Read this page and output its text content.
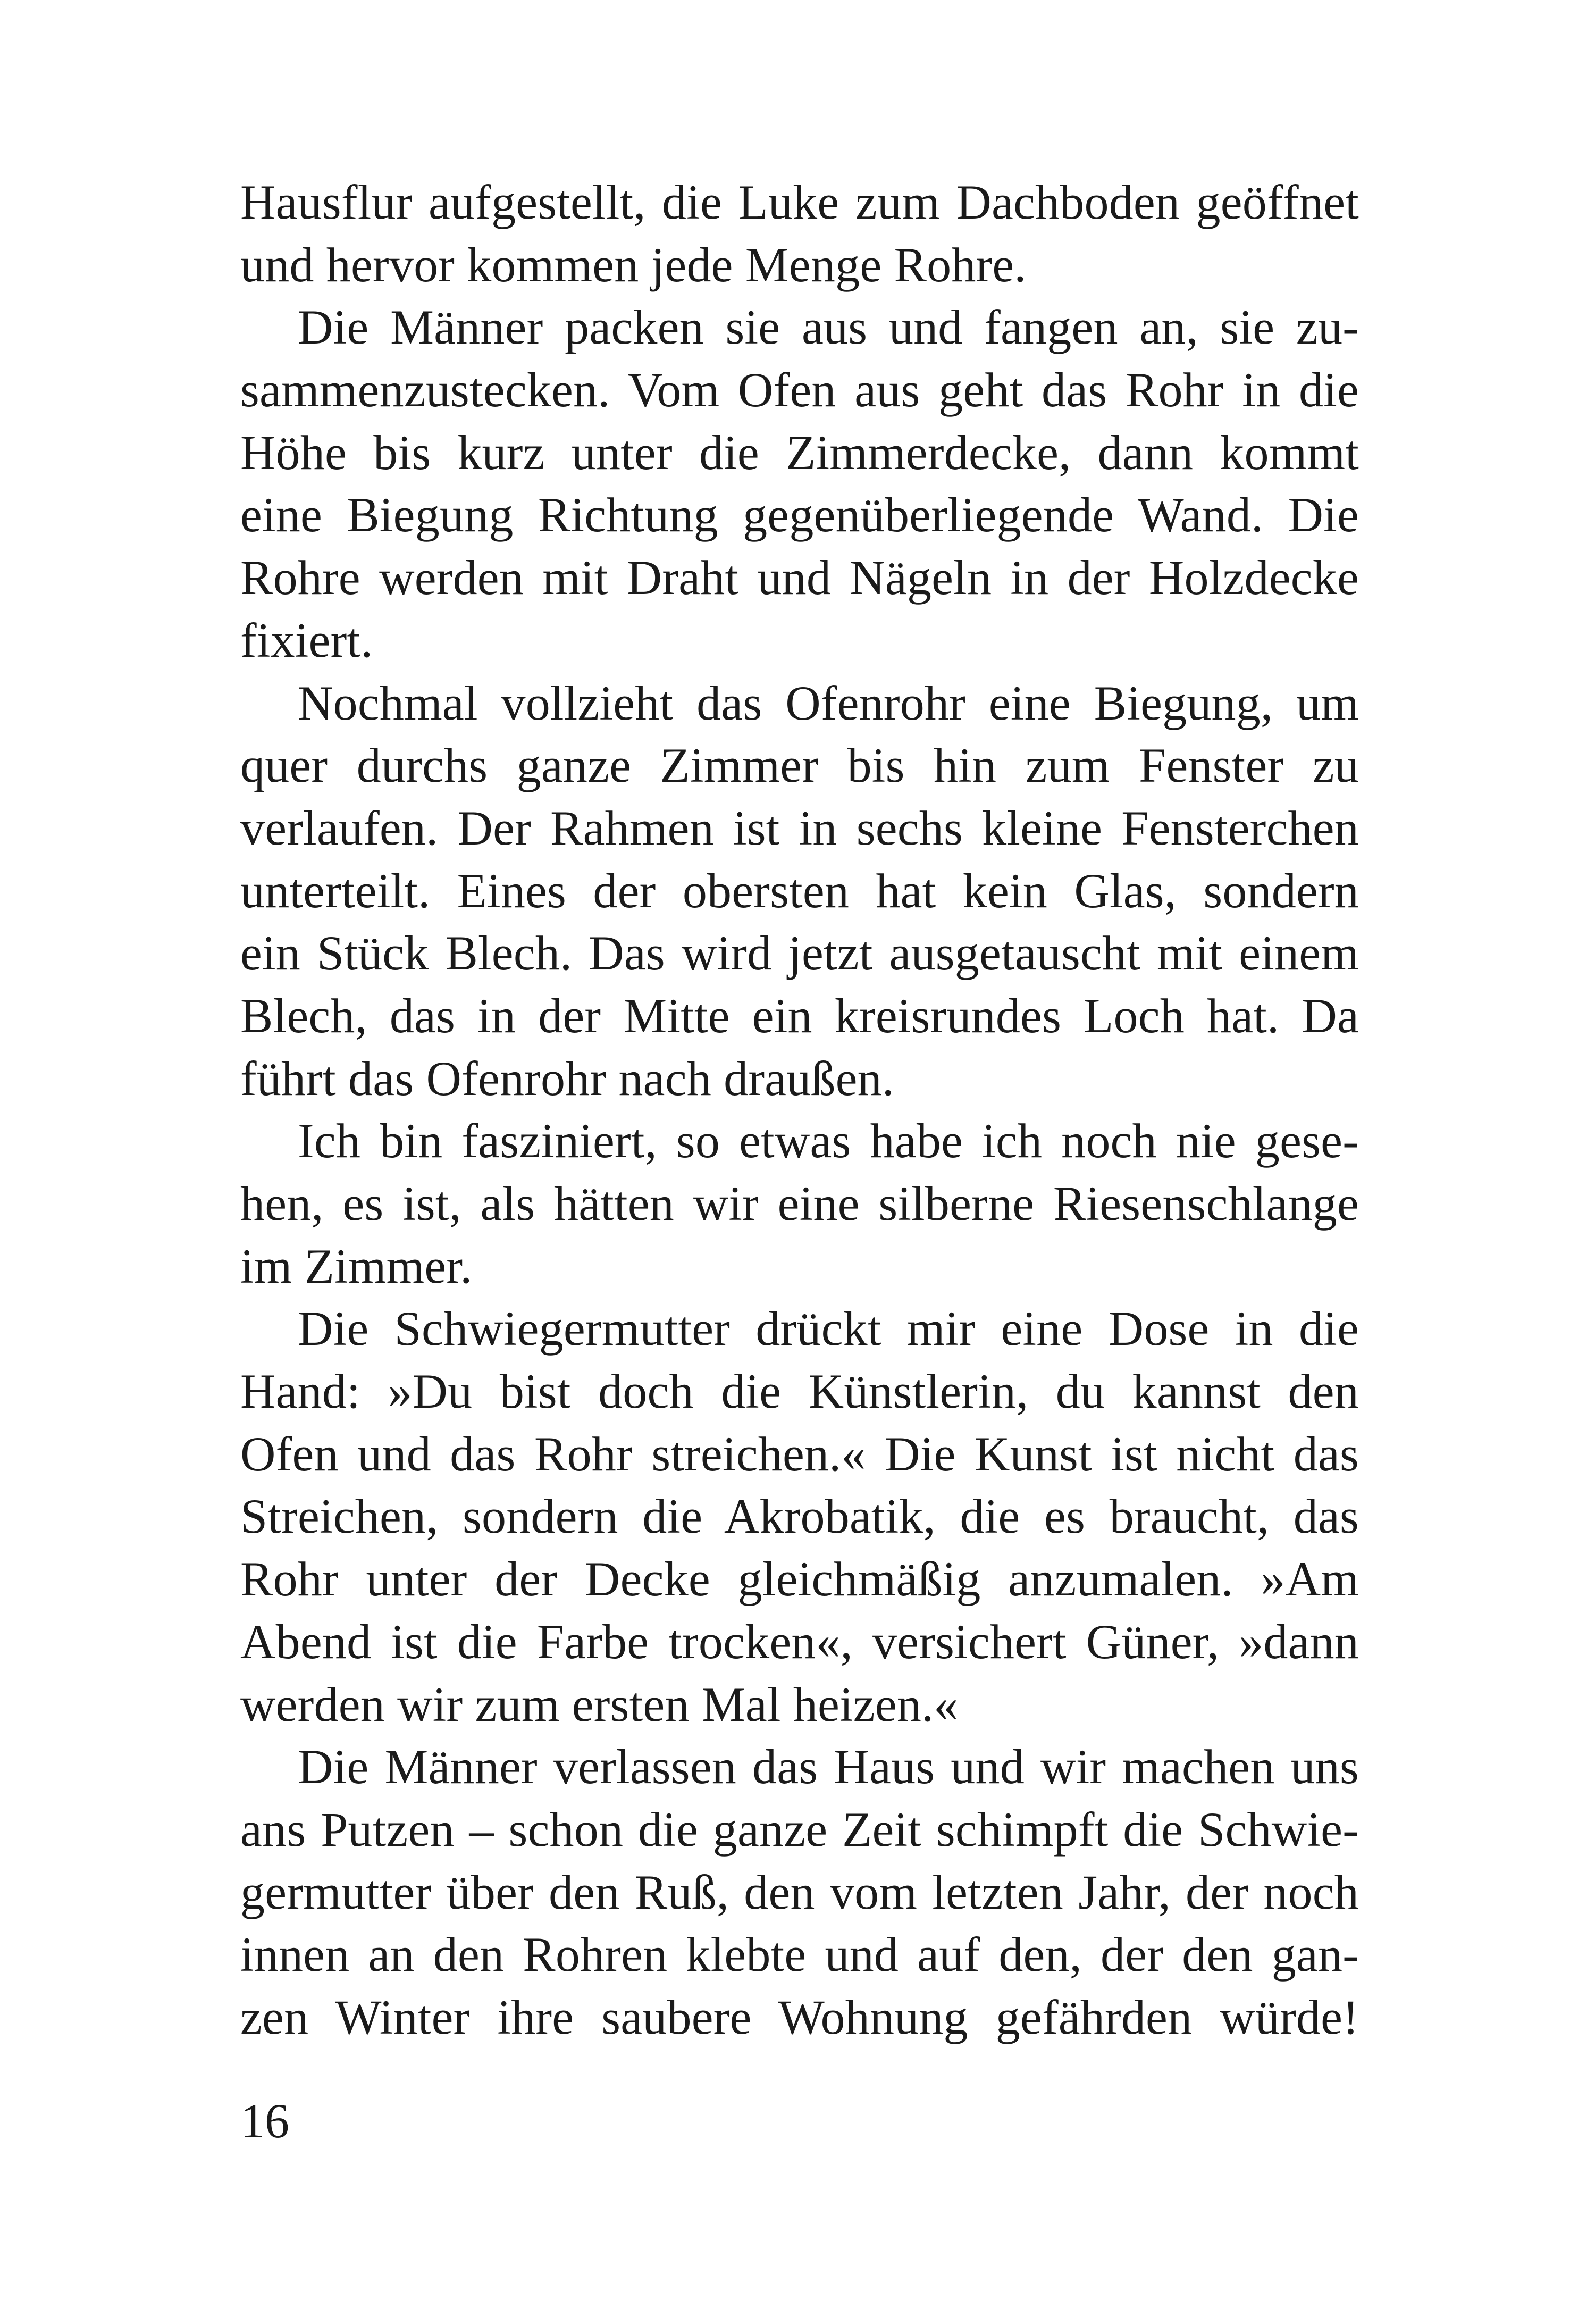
Hausflur aufgestellt, die Luke zum Dachboden geöffnet
und hervor kommen jede Menge Rohre.
Die Männer packen sie aus und fangen an, sie zu-
sammenzustecken. Vom Ofen aus geht das Rohr in die
Höhe bis kurz unter die Zimmerdecke, dann kommt
eine Biegung Richtung gegenüberliegende Wand. Die
Rohre werden mit Draht und Nägeln in der Holzdecke
fixiert.
Nochmal vollzieht das Ofenrohr eine Biegung, um
quer durchs ganze Zimmer bis hin zum Fenster zu
verlaufen. Der Rahmen ist in sechs kleine Fensterchen
unterteilt. Eines der obersten hat kein Glas, sondern
ein Stück Blech. Das wird jetzt ausgetauscht mit einem
Blech, das in der Mitte ein kreisrundes Loch hat. Da
führt das Ofenrohr nach draußen.
Ich bin fasziniert, so etwas habe ich noch nie gese-
hen, es ist, als hätten wir eine silberne Riesenschlange
im Zimmer.
Die Schwiegermutter drückt mir eine Dose in die
Hand: »Du bist doch die Künstlerin, du kannst den
Ofen und das Rohr streichen.« Die Kunst ist nicht das
Streichen, sondern die Akrobatik, die es braucht, das
Rohr unter der Decke gleichmäßig anzumalen. »Am
Abend ist die Farbe trocken«, versichert Güner, »dann
werden wir zum ersten Mal heizen.«
Die Männer verlassen das Haus und wir machen uns
ans Putzen – schon die ganze Zeit schimpft die Schwie-
germutter über den Ruß, den vom letzten Jahr, der noch
innen an den Rohren klebte und auf den, der den gan-
zen Winter ihre saubere Wohnung gefährden würde!
16
